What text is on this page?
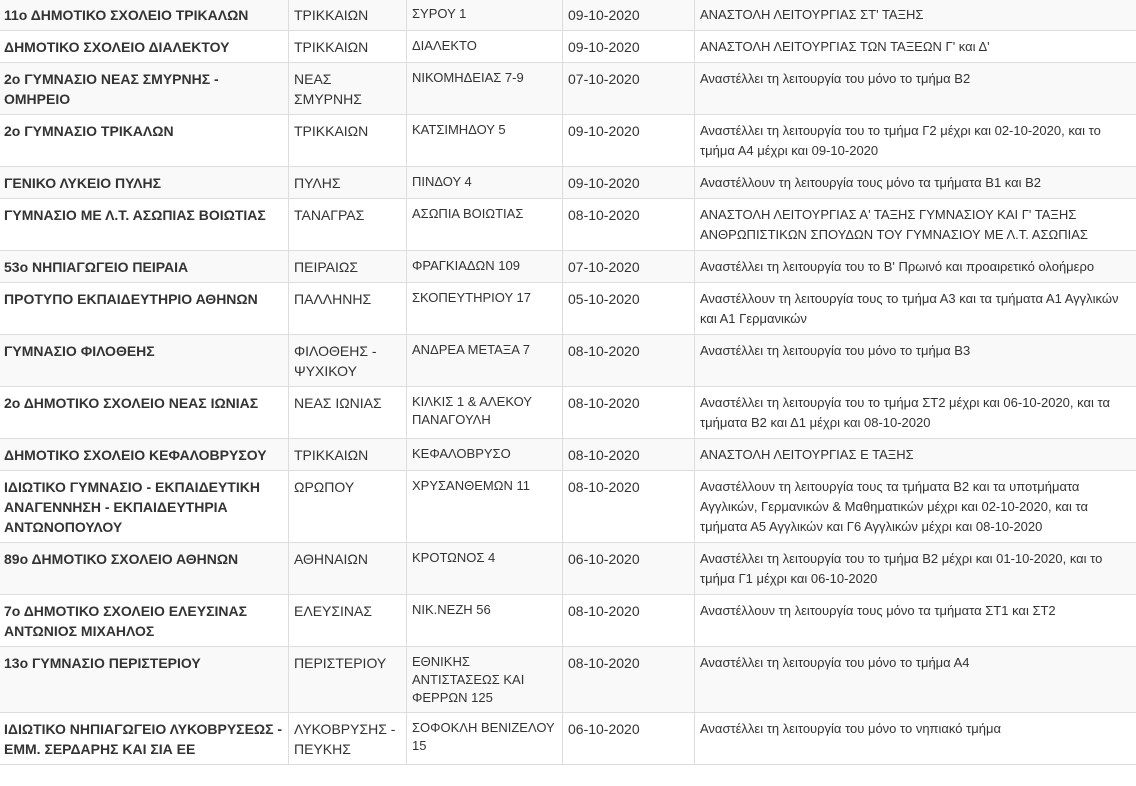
11ο ΔΗΜΟΤΙΚΟ ΣΧΟΛΕΙΟ ΤΡΙΚΑΛΩΝ	ΤΡΙΚΚΑΙΩΝ	ΣΥΡΟΥ 1	09-10-2020	ΑΝΑΣΤΟΛΗ ΛΕΙΤΟΥΡΓΙΑΣ ΣΤ' ΤΑΞΗΣ
ΔΗΜΟΤΙΚΟ ΣΧΟΛΕΙΟ ΔΙΑΛΕΚΤΟΥ	ΤΡΙΚΚΑΙΩΝ	ΔΙΑΛΕΚΤΟ	09-10-2020	ΑΝΑΣΤΟΛΗ ΛΕΙΤΟΥΡΓΙΑΣ ΤΩΝ ΤΑΞΕΩΝ Γ' και Δ'
2ο ΓΥΜΝΑΣΙΟ ΝΕΑΣ ΣΜΥΡΝΗΣ - ΟΜΗΡΕΙΟ	ΝΕΑΣ ΣΜΥΡΝΗΣ	ΝΙΚΟΜΗΔΕΙΑΣ 7-9	07-10-2020	Αναστέλλει τη λειτουργία του μόνο το τμήμα Β2
2ο ΓΥΜΝΑΣΙΟ ΤΡΙΚΑΛΩΝ	ΤΡΙΚΚΑΙΩΝ	ΚΑΤΣΙΜΗΔΟΥ 5	09-10-2020	Αναστέλλει τη λειτουργία του το τμήμα Γ2 μέχρι και 02-10-2020, και το τμήμα Α4 μέχρι και 09-10-2020
ΓΕΝΙΚΟ ΛΥΚΕΙΟ ΠΥΛΗΣ	ΠΥΛΗΣ	ΠΙΝΔΟΥ 4	09-10-2020	Αναστέλλουν τη λειτουργία τους μόνο τα τμήματα Β1 και Β2
ΓΥΜΝΑΣΙΟ ΜΕ Λ.Τ. ΑΣΩΠΙΑΣ ΒΟΙΩΤΙΑΣ	ΤΑΝΑΓΡΑΣ	ΑΣΩΠΙΑ ΒΟΙΩΤΙΑΣ	08-10-2020	ΑΝΑΣΤΟΛΗ ΛΕΙΤΟΥΡΓΙΑΣ Α' ΤΑΞΗΣ ΓΥΜΝΑΣΙΟΥ ΚΑΙ Γ' ΤΑΞΗΣ ΑΝΘΡΩΠΙΣΤΙΚΩΝ ΣΠΟΥΔΩΝ ΤΟΥ ΓΥΜΝΑΣΙΟΥ ΜΕ Λ.Τ. ΑΣΩΠΙΑΣ
53ο ΝΗΠΙΑΓΩΓΕΙΟ ΠΕΙΡΑΙΑ	ΠΕΙΡΑΙΩΣ	ΦΡΑΓΚΙΑΔΩΝ 109	07-10-2020	Αναστέλλει τη λειτουργία του το Β' Πρωινό και προαιρετικό ολοήμερο
ΠΡΟΤΥΠΟ ΕΚΠΑΙΔΕΥΤΗΡΙΟ ΑΘΗΝΩΝ	ΠΑΛΛΗΝΗΣ	ΣΚΟΠΕΥΤΗΡΙΟΥ 17	05-10-2020	Αναστέλλουν τη λειτουργία τους το τμήμα Α3 και τα τμήματα Α1 Αγγλικών και Α1 Γερμανικών
ΓΥΜΝΑΣΙΟ ΦΙΛΟΘΕΗΣ	ΦΙΛΟΘΕΗΣ - ΨΥΧΙΚΟΥ	ΑΝΔΡΕΑ ΜΕΤΑΞΑ 7	08-10-2020	Αναστέλλει τη λειτουργία του μόνο το τμήμα Β3
2ο ΔΗΜΟΤΙΚΟ ΣΧΟΛΕΙΟ ΝΕΑΣ ΙΩΝΙΑΣ	ΝΕΑΣ ΙΩΝΙΑΣ	ΚΙΛΚΙΣ 1 & ΑΛΕΚΟΥ ΠΑΝΑΓΟΥΛΗ	08-10-2020	Αναστέλλει τη λειτουργία του το τμήμα ΣΤ2 μέχρι και 06-10-2020, και τα τμήματα Β2 και Δ1 μέχρι και 08-10-2020
ΔΗΜΟΤΙΚΟ ΣΧΟΛΕΙΟ ΚΕΦΑΛΟΒΡΥΣΟΥ	ΤΡΙΚΚΑΙΩΝ	ΚΕΦΑΛΟΒΡΥΣΟ	08-10-2020	ΑΝΑΣΤΟΛΗ ΛΕΙΤΟΥΡΓΙΑΣ Ε ΤΑΞΗΣ
ΙΔΙΩΤΙΚΟ ΓΥΜΝΑΣΙΟ - ΕΚΠΑΙΔΕΥΤΙΚΗ ΑΝΑΓΕΝΝΗΣΗ - ΕΚΠΑΙΔΕΥΤΗΡΙΑ ΑΝΤΩΝΟΠΟΥΛΟΥ	ΩΡΩΠΟΥ	ΧΡΥΣΑΝΘΕΜΩΝ 11	08-10-2020	Αναστέλλουν τη λειτουργία τους τα τμήματα Β2 και τα υποτμήματα Αγγλικών, Γερμανικών & Μαθηματικών μέχρι και 02-10-2020, και τα τμήματα Α5 Αγγλικών και Γ6 Αγγλικών μέχρι και 08-10-2020
89ο ΔΗΜΟΤΙΚΟ ΣΧΟΛΕΙΟ ΑΘΗΝΩΝ	ΑΘΗΝΑΙΩΝ	ΚΡΟΤΩΝΟΣ 4	06-10-2020	Αναστέλλει τη λειτουργία του το τμήμα Β2 μέχρι και 01-10-2020, και το τμήμα Γ1 μέχρι και 06-10-2020
7ο ΔΗΜΟΤΙΚΟ ΣΧΟΛΕΙΟ ΕΛΕΥΣΙΝΑΣ ΑΝΤΩΝΙΟΣ ΜΙΧΑΗΛΟΣ	ΕΛΕΥΣΙΝΑΣ	ΝΙΚ.ΝΕΖΗ 56	08-10-2020	Αναστέλλουν τη λειτουργία τους μόνο τα τμήματα ΣΤ1 και ΣΤ2
13ο ΓΥΜΝΑΣΙΟ ΠΕΡΙΣΤΕΡΙΟΥ	ΠΕΡΙΣΤΕΡΙΟΥ	ΕΘΝΙΚΗΣ ΑΝΤΙΣΤΑΣΕΩΣ ΚΑΙ ΦΕΡΡΩΝ 125	08-10-2020	Αναστέλλει τη λειτουργία του μόνο το τμήμα Α4
ΙΔΙΩΤΙΚΟ ΝΗΠΙΑΓΩΓΕΙΟ ΛΥΚΟΒΡΥΣΕΩΣ - ΕΜΜ. ΣΕΡΔΑΡΗΣ ΚΑΙ ΣΙΑ ΕΕ	ΛΥΚΟΒΡΥΣΗΣ - ΠΕΥΚΗΣ	ΣΟΦΟΚΛΗ ΒΕΝΙΖΕΛΟΥ 15	06-10-2020	Αναστέλλει τη λειτουργία του μόνο το νηπιακό τμήμα
